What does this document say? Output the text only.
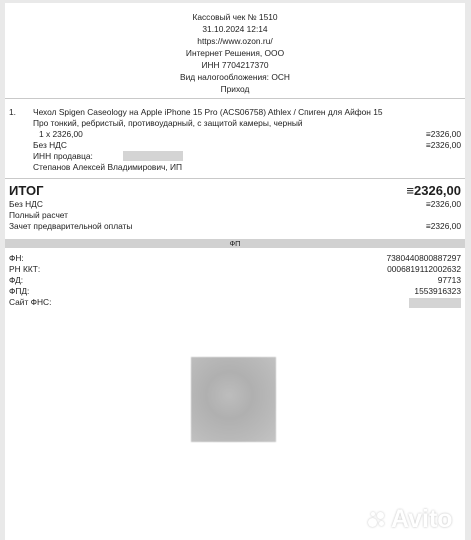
Кассовый чек № 1510
31.10.2024 12:14
https://www.ozon.ru/
Интернет Решения, ООО
ИНН 7704217370
Вид налогообложения: ОСН
Приход
1. Чехол Spigen Caseology на Apple iPhone 15 Pro (ACS06758) Athlex / Спиген для Айфон 15
Про тонкий, ребристый, противоударный, с защитой камеры, черный
1 x 2326,00	≡2326,00
Без НДС	≡2326,00
ИНН продавца:
Степанов Алексей Владимирович, ИП
ИТОГ	≡2326,00
Без НДС	≡2326,00
Полный расчет
Зачет предварительной оплаты	≡2326,00
ФП
ФН:	7380440800887297
РН ККТ:	0006819112002632
ФД:	97713
ФПД:	1553916323
Сайт ФНС:
Avito
